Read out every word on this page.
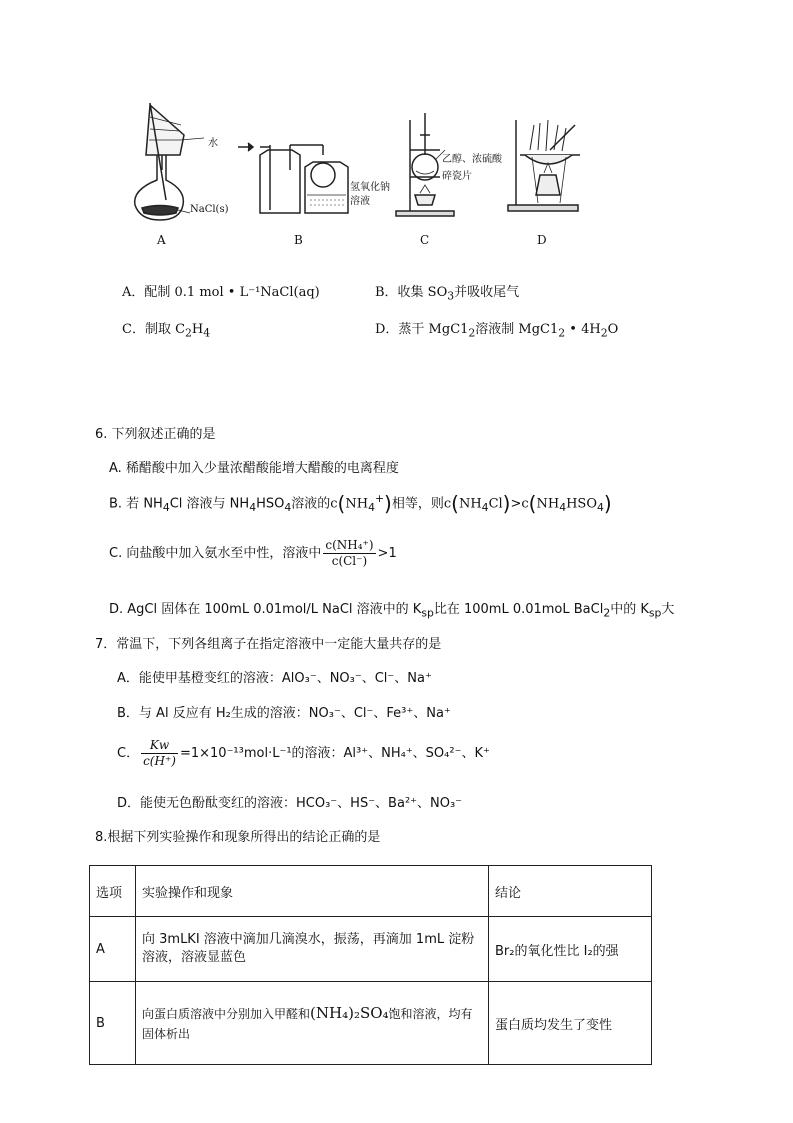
水
NaCl(s)
氢氧化钠
溶液
乙醇、浓硫酸
碎瓷片
A	B	C	D
A．配制 0.1 mol • L⁻¹NaCl(aq)	B．收集 $SO_3$并吸收尾气
C．制取 $C_2H_4$	D．蒸干 $MgC1_2$溶液制 $MgC1_2$ • $4H_2O$
6. 下列叙述正确的是
A. 稀醋酸中加入少量浓醋酸能增大醋酸的电离程度
B. 若 $NH_4Cl$ 溶液与 $NH_4HSO_4$溶液的$c(NH_4^+)$相等，则$c(NH_4Cl)>c(NH_4HSO_4)$
C. 向盐酸中加入氨水至中性，溶液中 $\frac{\text{c(NH₄⁺)}}{c(Cl^-)} >1$
D. AgCl 固体在 100mL 0.01mol/L NaCl 溶液中的 $K_{sp}$比在 100mL 0.01moL BaCl$_2$中的 $K_{sp}$大
7．常温下，下列各组离子在指定溶液中一定能大量共存的是
A．能使甲基橙变红的溶液：AlO₃⁻、NO₃⁻、Cl⁻、Na⁺
B．与 Al 反应有 H₂生成的溶液：NO₃⁻、Cl⁻、Fe³⁺、Na⁺
C． $\frac{Kw}{c(H^+)} =1\times 10^{-13}mol\cdot L^{-1}$的溶液：Al³⁺、NH₄⁺、SO₄²⁻、K⁺
D．能使无色酚酞变红的溶液：HCO₃⁻、HS⁻、Ba²⁺、NO₃⁻
8.根据下列实验操作和现象所得出的结论正确的是
选项	实验操作和现象	结论
A	向 3mLKI 溶液中滴加几滴溴水，振荡，再滴加 1mL 淀粉溶液，溶液显蓝色	Br₂的氧化性比 I₂的强
B	向蛋白质溶液中分别加入甲醛和(NH₄)₂SO₄饱和溶液，均有固体析出	蛋白质均发生了变性
